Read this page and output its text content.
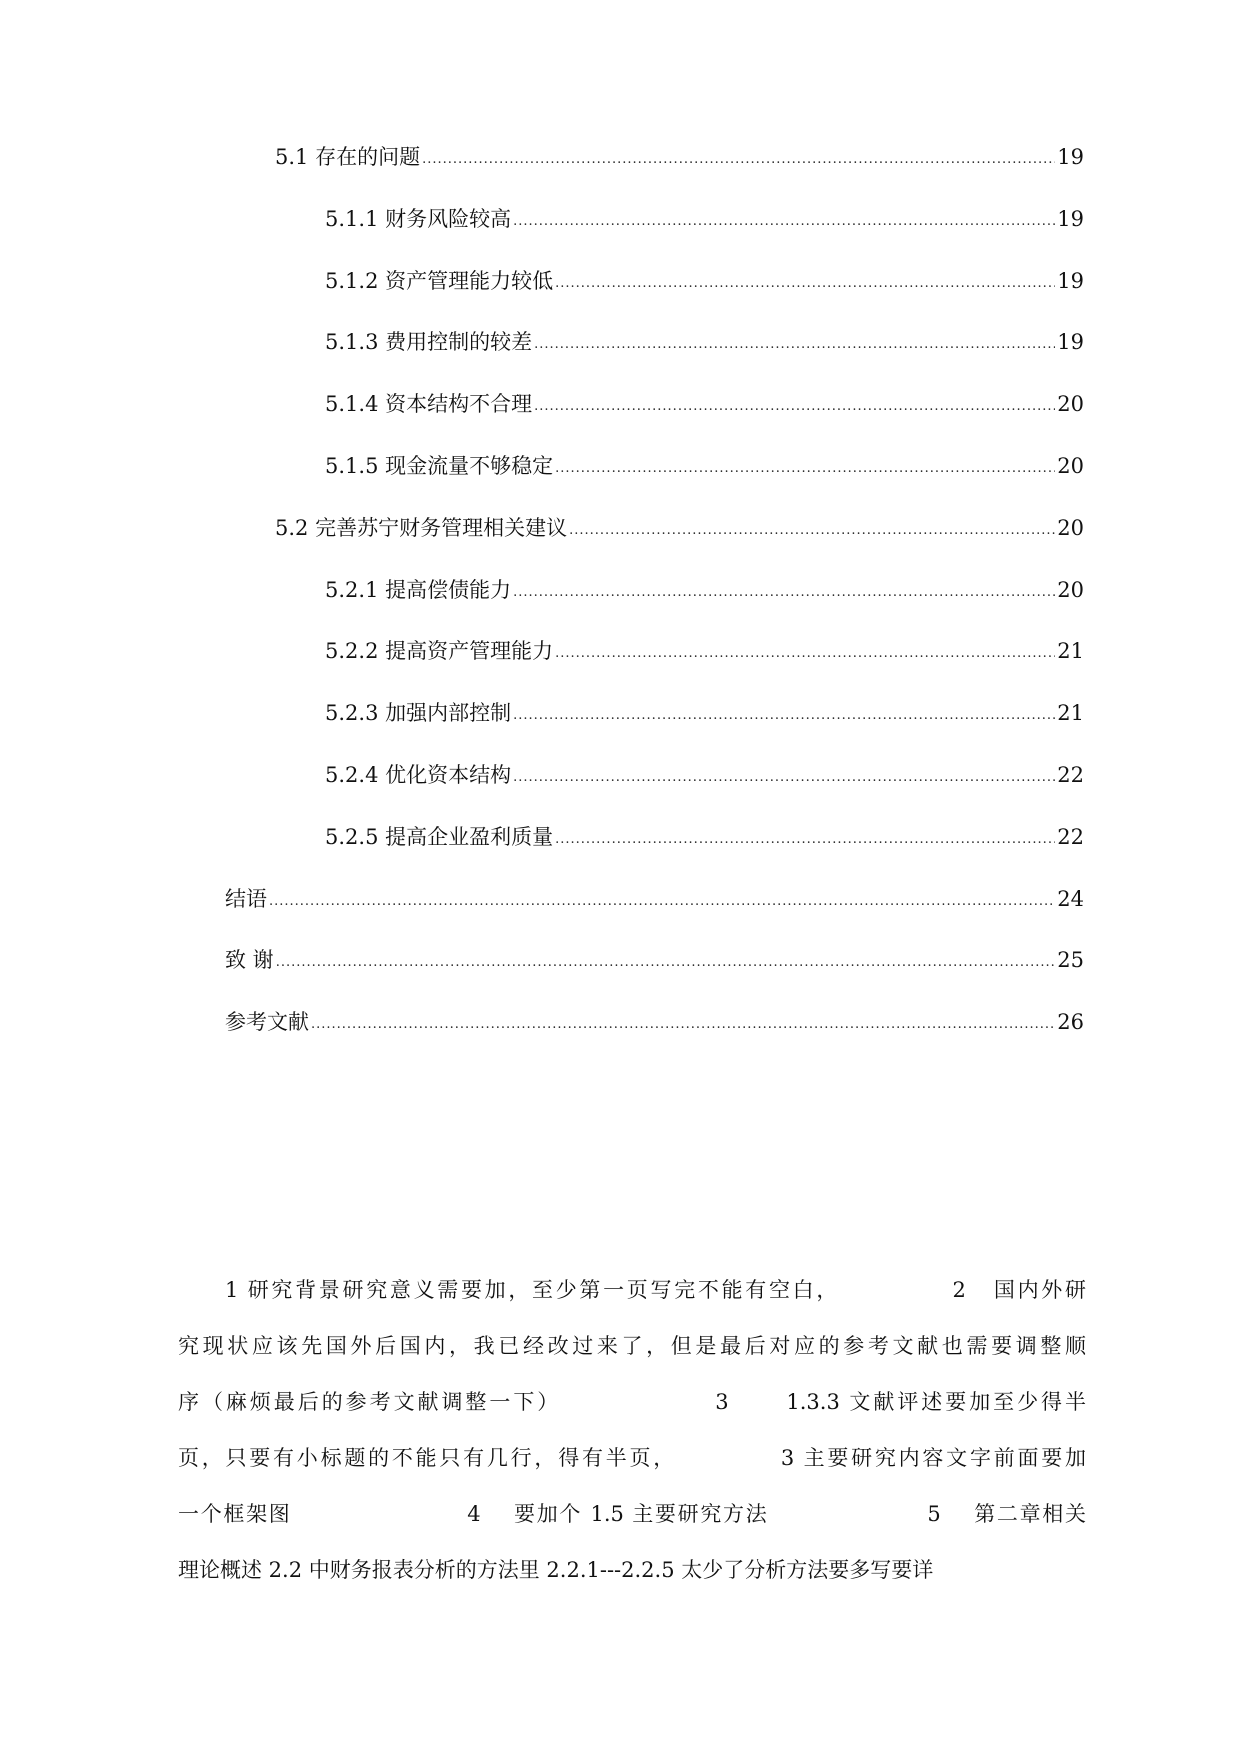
5.1 存在的问题 .....	19
5.1.1 财务风险较高 .....	19
5.1.2 资产管理能力较低 .....	19
5.1.3 费用控制的较差 .....	19
5.1.4 资本结构不合理 .....	20
5.1.5 现金流量不够稳定 .....	20
5.2 完善苏宁财务管理相关建议 .....	20
5.2.1 提高偿债能力 .....	20
5.2.2 提高资产管理能力 .....	21
5.2.3 加强内部控制 .....	21
5.2.4 优化资本结构 .....	22
5.2.5 提高企业盈利质量 .....	22
结语 .....	24
致 谢 .....	25
参考文献 .....	26
1 研究背景研究意义需要加，至少第一页写完不能有空白，            2   国内外研
究现状应该先国外后国内，我已经改过来了，但是最后对应的参考文献也需要调整顺
序（麻烦最后的参考文献调整一下）                3      1.3.3 文献评述要加至少得半
页，只要有小标题的不能只有几行，得有半页，           3 主要研究内容文字前面要加
一个框架图                     4    要加个 1.5 主要研究方法                   5    第二章相关
理论概述 2.2 中财务报表分析的方法里 2.2.1---2.2.5 太少了分析方法要多写要详
